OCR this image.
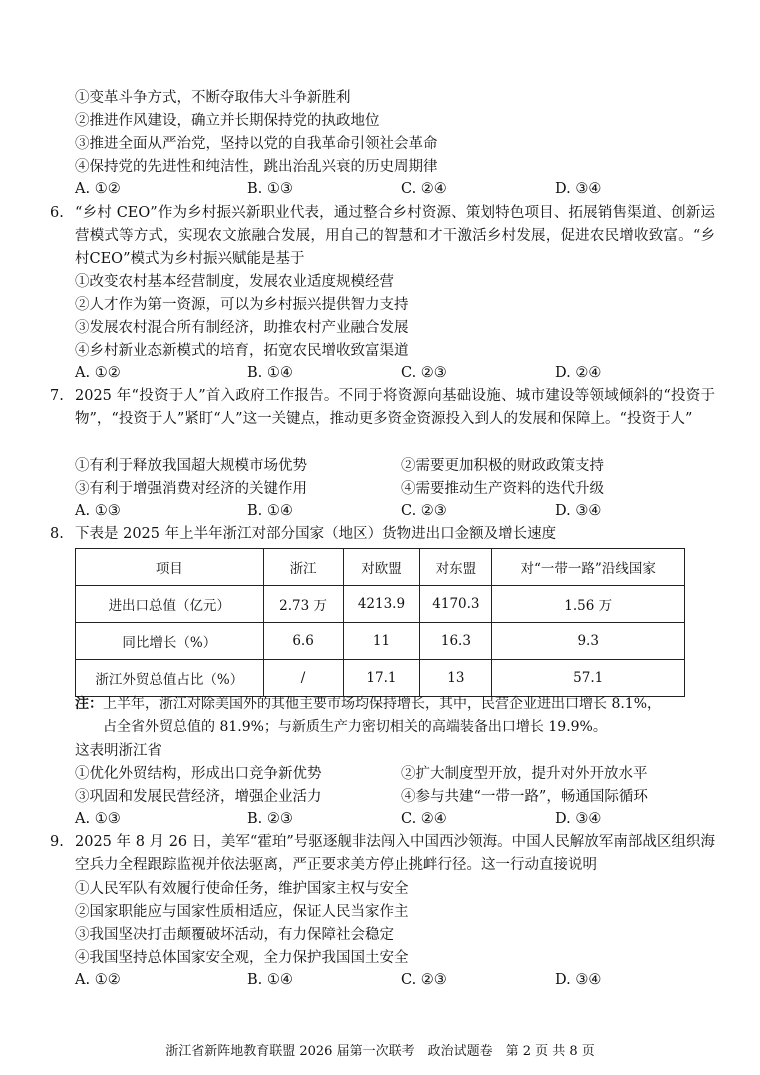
①变革斗争方式，不断夺取伟大斗争新胜利
②推进作风建设，确立并长期保持党的执政地位
③推进全面从严治党，坚持以党的自我革命引领社会革命
④保持党的先进性和纯洁性，跳出治乱兴衰的历史周期律
A. ①②	B. ①③	C. ②④	D. ③④
6. “乡村 CEO”作为乡村振兴新职业代表，通过整合乡村资源、策划特色项目、拓展销售渠道、创新运营模式等方式，实现农文旅融合发展，用自己的智慧和才干激活乡村发展，促进农民增收致富。“乡村CEO”模式为乡村振兴赋能是基于
①改变农村基本经营制度，发展农业适度规模经营
②人才作为第一资源，可以为乡村振兴提供智力支持
③发展农村混合所有制经济，助推农村产业融合发展
④乡村新业态新模式的培育，拓宽农民增收致富渠道
A. ①②	B. ①④	C. ②③	D. ②④
7. 2025 年“投资于人”首入政府工作报告。不同于将资源向基础设施、城市建设等领域倾斜的“投资于物”，“投资于人”紧盯“人”这一关键点，推动更多资金资源投入到人的发展和保障上。“投资于人”
①有利于释放我国超大规模市场优势	②需要更加积极的财政政策支持
③有利于增强消费对经济的关键作用	④需要推动生产资料的迭代升级
A. ①③	B. ①④	C. ②③	D. ③④
8. 下表是 2025 年上半年浙江对部分国家（地区）货物进出口金额及增长速度
项目	浙江	对欧盟	对东盟	对“一带一路”沿线国家
进出口总值（亿元）	2.73 万	4213.9	4170.3	1.56 万
同比增长（%）	6.6	11	16.3	9.3
浙江外贸总值占比（%）	/	17.1	13	57.1
注：上半年，浙江对除美国外的其他主要市场均保持增长，其中，民营企业进出口增长 8.1%，
占全省外贸总值的 81.9%；与新质生产力密切相关的高端装备出口增长 19.9%。
这表明浙江省
①优化外贸结构，形成出口竞争新优势	②扩大制度型开放，提升对外开放水平
③巩固和发展民营经济，增强企业活力	④参与共建“一带一路”，畅通国际循环
A. ①③	B. ②③	C. ②④	D. ③④
9. 2025 年 8 月 26 日，美军“霍珀”号驱逐舰非法闯入中国西沙领海。中国人民解放军南部战区组织海空兵力全程跟踪监视并依法驱离，严正要求美方停止挑衅行径。这一行动直接说明
①人民军队有效履行使命任务，维护国家主权与安全
②国家职能应与国家性质相适应，保证人民当家作主
③我国坚决打击颠覆破坏活动，有力保障社会稳定
④我国坚持总体国家安全观，全力保护我国国土安全
A. ①②	B. ①④	C. ②③	D. ③④
浙江省新阵地教育联盟 2026 届第一次联考　政治试题卷　第 2 页 共 8 页
